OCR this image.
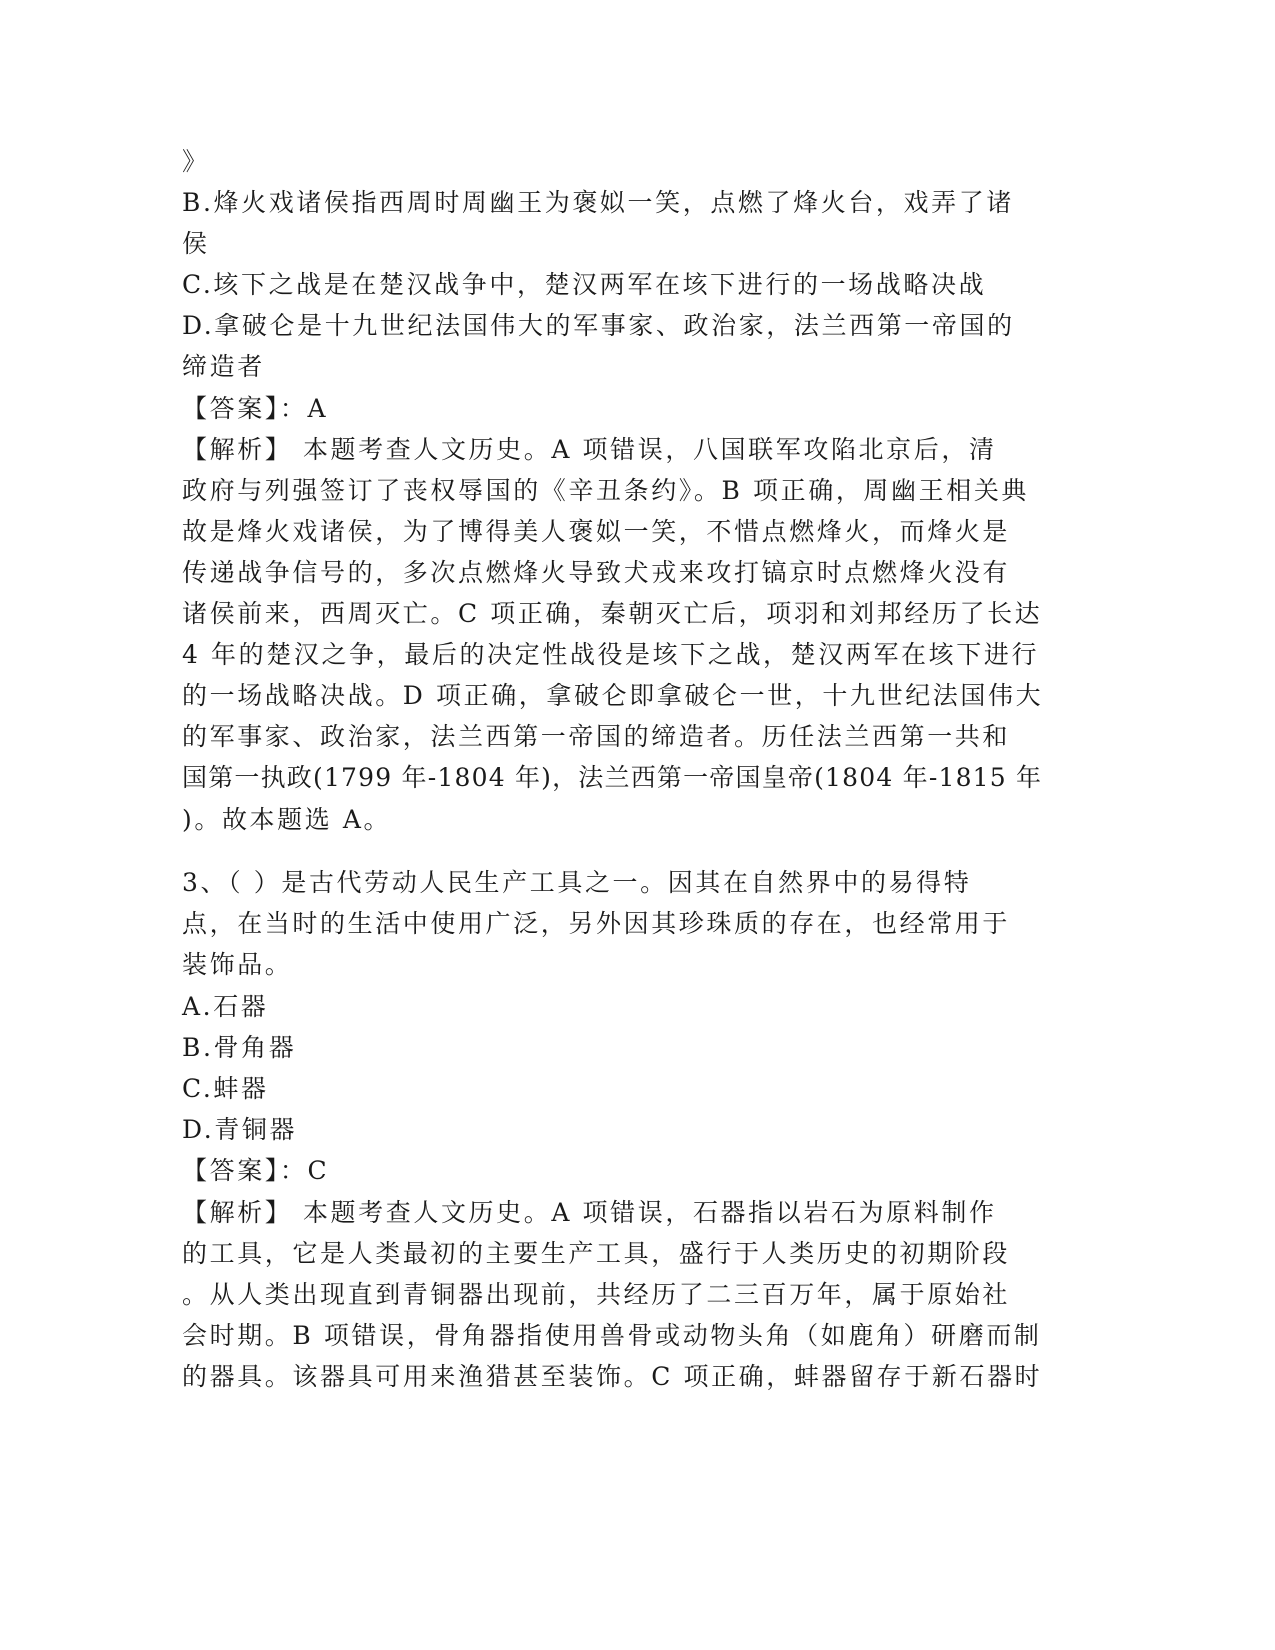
》
B.烽火戏诸侯指西周时周幽王为褒姒一笑，点燃了烽火台，戏弄了诸
侯
C.垓下之战是在楚汉战争中，楚汉两军在垓下进行的一场战略决战
D.拿破仑是十九世纪法国伟大的军事家、政治家，法兰西第一帝国的
缔造者
【答案】：A
【解析】 本题考查人文历史。A 项错误，八国联军攻陷北京后，清
政府与列强签订了丧权辱国的《辛丑条约》。B 项正确，周幽王相关典
故是烽火戏诸侯，为了博得美人褒姒一笑，不惜点燃烽火，而烽火是
传递战争信号的，多次点燃烽火导致犬戎来攻打镐京时点燃烽火没有
诸侯前来，西周灭亡。C 项正确，秦朝灭亡后，项羽和刘邦经历了长达
4 年的楚汉之争，最后的决定性战役是垓下之战，楚汉两军在垓下进行
的一场战略决战。D 项正确，拿破仑即拿破仑一世，十九世纪法国伟大
的军事家、政治家，法兰西第一帝国的缔造者。历任法兰西第一共和
国第一执政(1799 年-1804 年)，法兰西第一帝国皇帝(1804 年-1815 年
)。故本题选 A。
3、（ ）是古代劳动人民生产工具之一。因其在自然界中的易得特
点，在当时的生活中使用广泛，另外因其珍珠质的存在，也经常用于
装饰品。
A.石器
B.骨角器
C.蚌器
D.青铜器
【答案】：C
【解析】 本题考查人文历史。A 项错误，石器指以岩石为原料制作
的工具，它是人类最初的主要生产工具，盛行于人类历史的初期阶段
。从人类出现直到青铜器出现前，共经历了二三百万年，属于原始社
会时期。B 项错误，骨角器指使用兽骨或动物头角（如鹿角）研磨而制
的器具。该器具可用来渔猎甚至装饰。C 项正确，蚌器留存于新石器时
